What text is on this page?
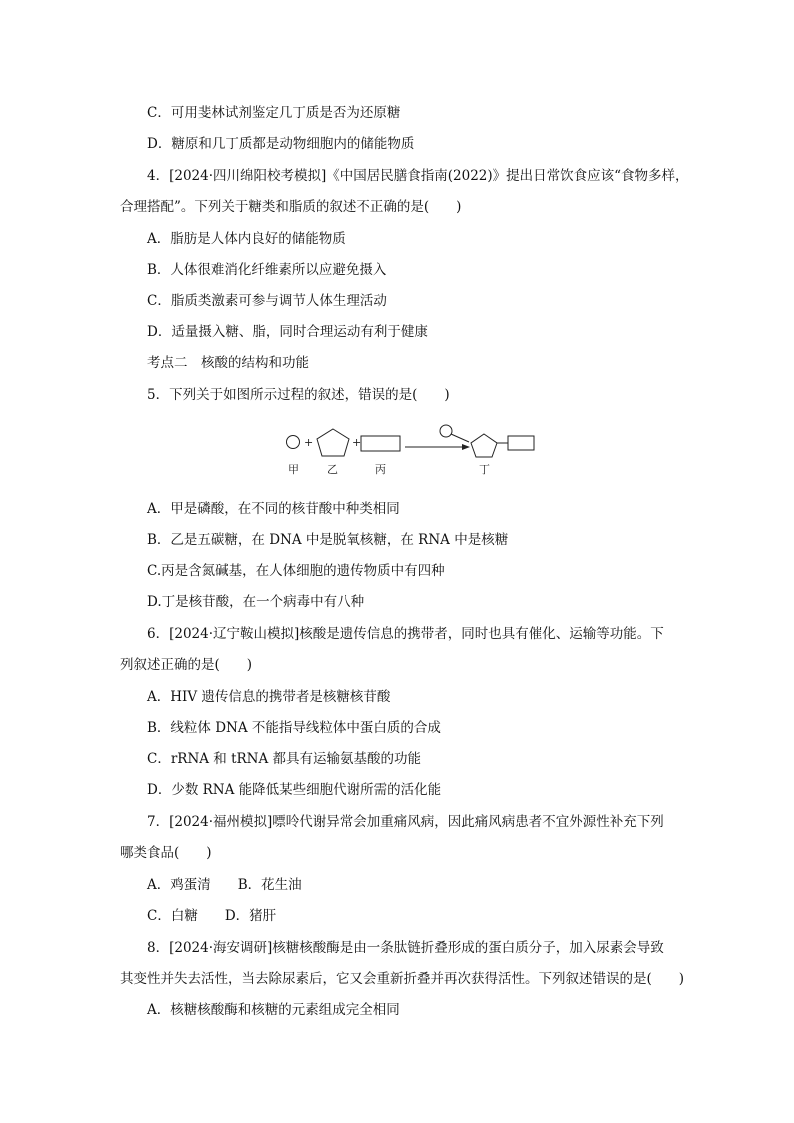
C．可用斐林试剂鉴定几丁质是否为还原糖
D．糖原和几丁质都是动物细胞内的储能物质
4．[2024·四川绵阳校考模拟]《中国居民膳食指南(2022)》提出日常饮食应该“食物多样，
合理搭配”。下列关于糖类和脂质的叙述不正确的是(　　)
A．脂肪是人体内良好的储能物质
B．人体很难消化纤维素所以应避免摄入
C．脂质类激素可参与调节人体生理活动
D．适量摄入糖、脂，同时合理运动有利于健康
考点二　核酸的结构和功能
5．下列关于如图所示过程的叙述，错误的是(　　)
+	+
甲	乙	丙	丁
A．甲是磷酸，在不同的核苷酸中种类相同
B．乙是五碳糖，在 DNA 中是脱氧核糖，在 RNA 中是核糖
C.丙是含氮碱基，在人体细胞的遗传物质中有四种
D.丁是核苷酸，在一个病毒中有八种
6．[2024·辽宁鞍山模拟]核酸是遗传信息的携带者，同时也具有催化、运输等功能。下
列叙述正确的是(　　)
A．HIV 遗传信息的携带者是核糖核苷酸
B．线粒体 DNA 不能指导线粒体中蛋白质的合成
C．rRNA 和 tRNA 都具有运输氨基酸的功能
D．少数 RNA 能降低某些细胞代谢所需的活化能
7．[2024·福州模拟]嘌呤代谢异常会加重痛风病，因此痛风病患者不宜外源性补充下列
哪类食品(　　)
A．鸡蛋清　　B．花生油
C．白糖　　D．猪肝
8．[2024·海安调研]核糖核酸酶是由一条肽链折叠形成的蛋白质分子，加入尿素会导致
其变性并失去活性，当去除尿素后，它又会重新折叠并再次获得活性。下列叙述错误的是(　　)
A．核糖核酸酶和核糖的元素组成完全相同
